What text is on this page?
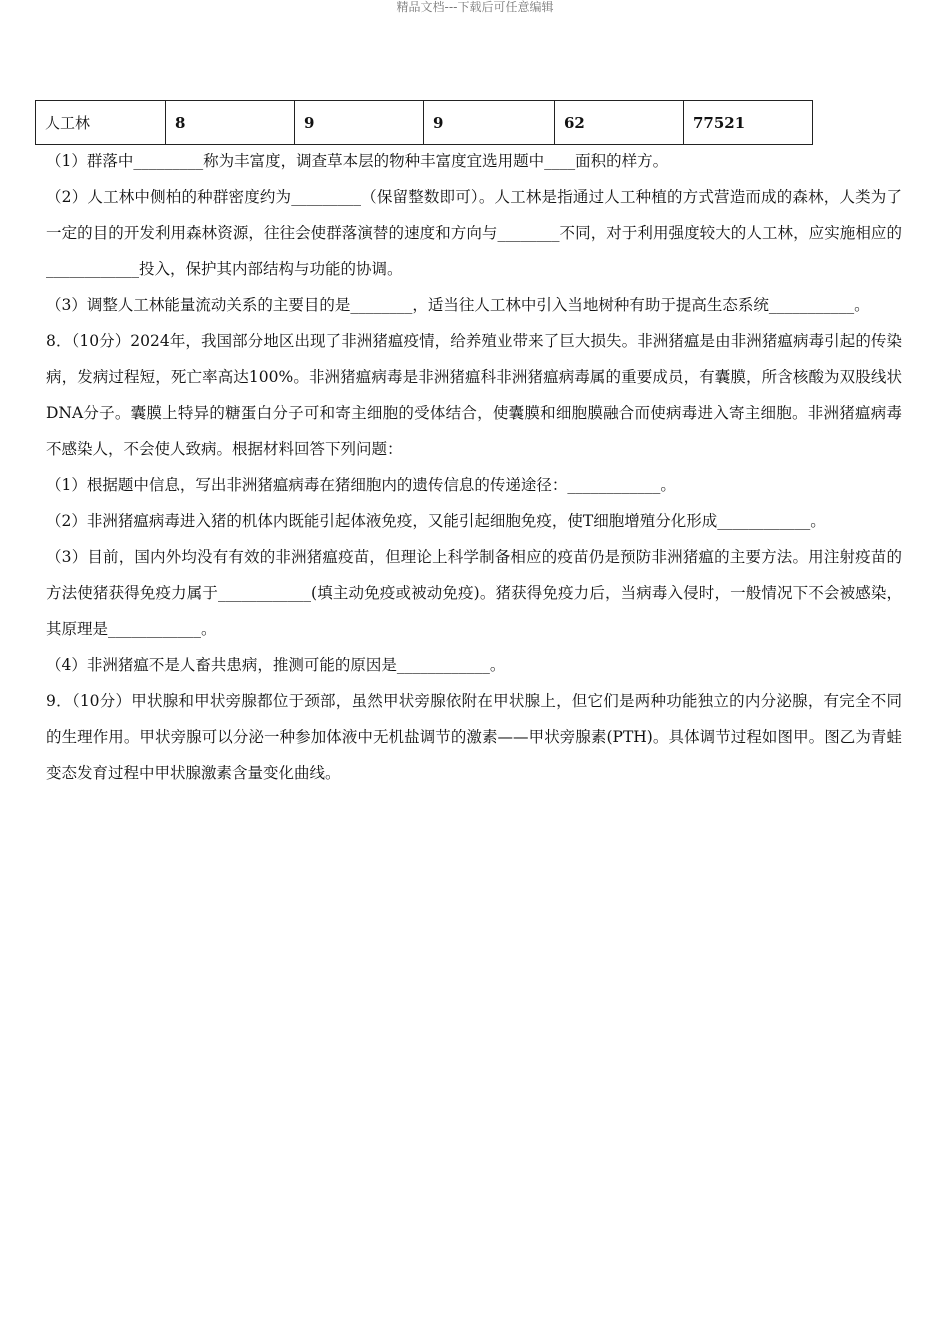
精品文档---下载后可任意编辑
人工林	8	9	9	62	77521

（1）群落中_________称为丰富度，调查草本层的物种丰富度宜选用题中____面积的样方。

（2）人工林中侧柏的种群密度约为_________（保留整数即可）。人工林是指通过人工种植的方式营造而成的森林，人类为了一定的目的开发利用森林资源，往往会使群落演替的速度和方向与________不同，对于利用强度较大的人工林，应实施相应的____________投入，保护其内部结构与功能的协调。

（3）调整人工林能量流动关系的主要目的是________，适当往人工林中引入当地树种有助于提高生态系统___________。

8．（10分）2024年，我国部分地区出现了非洲猪瘟疫情，给养殖业带来了巨大损失。非洲猪瘟是由非洲猪瘟病毒引起的传染病，发病过程短，死亡率高达100%。非洲猪瘟病毒是非洲猪瘟科非洲猪瘟病毒属的重要成员，有囊膜，所含核酸为双股线状DNA分子。囊膜上特异的糖蛋白分子可和寄主细胞的受体结合，使囊膜和细胞膜融合而使病毒进入寄主细胞。非洲猪瘟病毒不感染人，不会使人致病。根据材料回答下列问题：

（1）根据题中信息，写出非洲猪瘟病毒在猪细胞内的遗传信息的传递途径：____________。

（2）非洲猪瘟病毒进入猪的机体内既能引起体液免疫，又能引起细胞免疫，使T细胞增殖分化形成____________。

（3）目前，国内外均没有有效的非洲猪瘟疫苗，但理论上科学制备相应的疫苗仍是预防非洲猪瘟的主要方法。用注射疫苗的方法使猪获得免疫力属于____________(填主动免疫或被动免疫)。猪获得免疫力后，当病毒入侵时，一般情况下不会被感染，其原理是____________。

（4）非洲猪瘟不是人畜共患病，推测可能的原因是____________。

9．（10分）甲状腺和甲状旁腺都位于颈部，虽然甲状旁腺依附在甲状腺上，但它们是两种功能独立的内分泌腺，有完全不同的生理作用。甲状旁腺可以分泌一种参加体液中无机盐调节的激素——甲状旁腺素(PTH)。具体调节过程如图甲。图乙为青蛙变态发育过程中甲状腺激素含量变化曲线。
